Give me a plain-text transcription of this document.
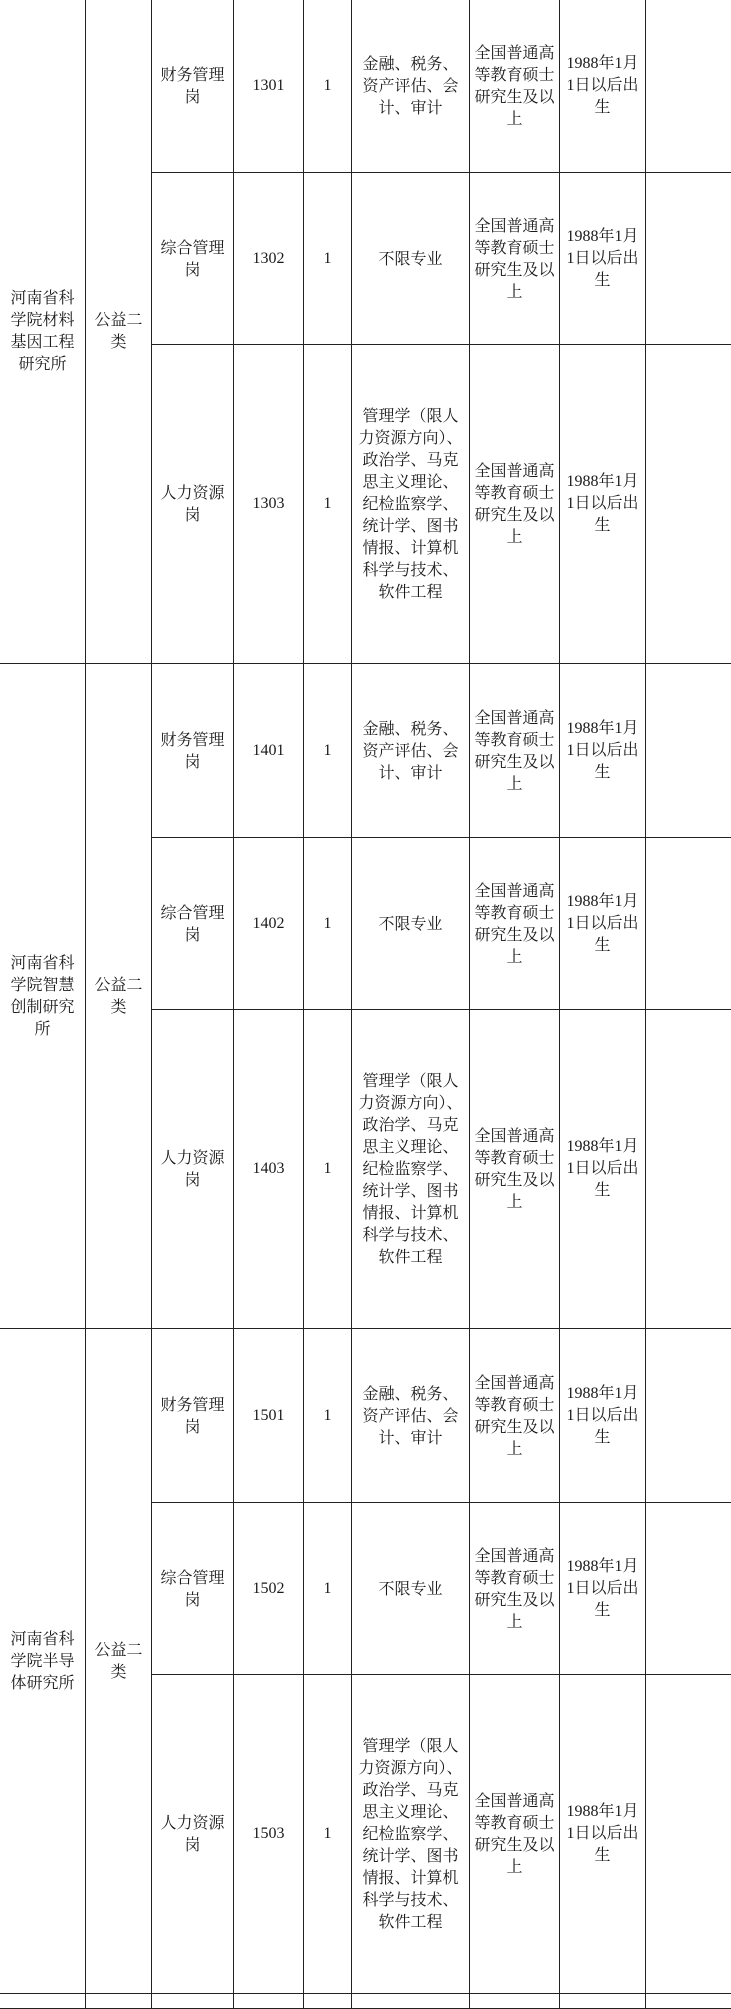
河南省科学院材料基因工程研究所	公益二类	财务管理岗	1301	1	金融、税务、资产评估、会计、审计	全国普通高等教育硕士研究生及以上	1988年1月1日以后出生	
		综合管理岗	1302	1	不限专业	全国普通高等教育硕士研究生及以上	1988年1月1日以后出生	
		人力资源岗	1303	1	管理学（限人力资源方向）、政治学、马克思主义理论、纪检监察学、统计学、图书情报、计算机科学与技术、软件工程	全国普通高等教育硕士研究生及以上	1988年1月1日以后出生	
河南省科学院智慧创制研究所	公益二类	财务管理岗	1401	1	金融、税务、资产评估、会计、审计	全国普通高等教育硕士研究生及以上	1988年1月1日以后出生	
		综合管理岗	1402	1	不限专业	全国普通高等教育硕士研究生及以上	1988年1月1日以后出生	
		人力资源岗	1403	1	管理学（限人力资源方向）、政治学、马克思主义理论、纪检监察学、统计学、图书情报、计算机科学与技术、软件工程	全国普通高等教育硕士研究生及以上	1988年1月1日以后出生	
河南省科学院半导体研究所	公益二类	财务管理岗	1501	1	金融、税务、资产评估、会计、审计	全国普通高等教育硕士研究生及以上	1988年1月1日以后出生	
		综合管理岗	1502	1	不限专业	全国普通高等教育硕士研究生及以上	1988年1月1日以后出生	
		人力资源岗	1503	1	管理学（限人力资源方向）、政治学、马克思主义理论、纪检监察学、统计学、图书情报、计算机科学与技术、软件工程	全国普通高等教育硕士研究生及以上	1988年1月1日以后出生	
